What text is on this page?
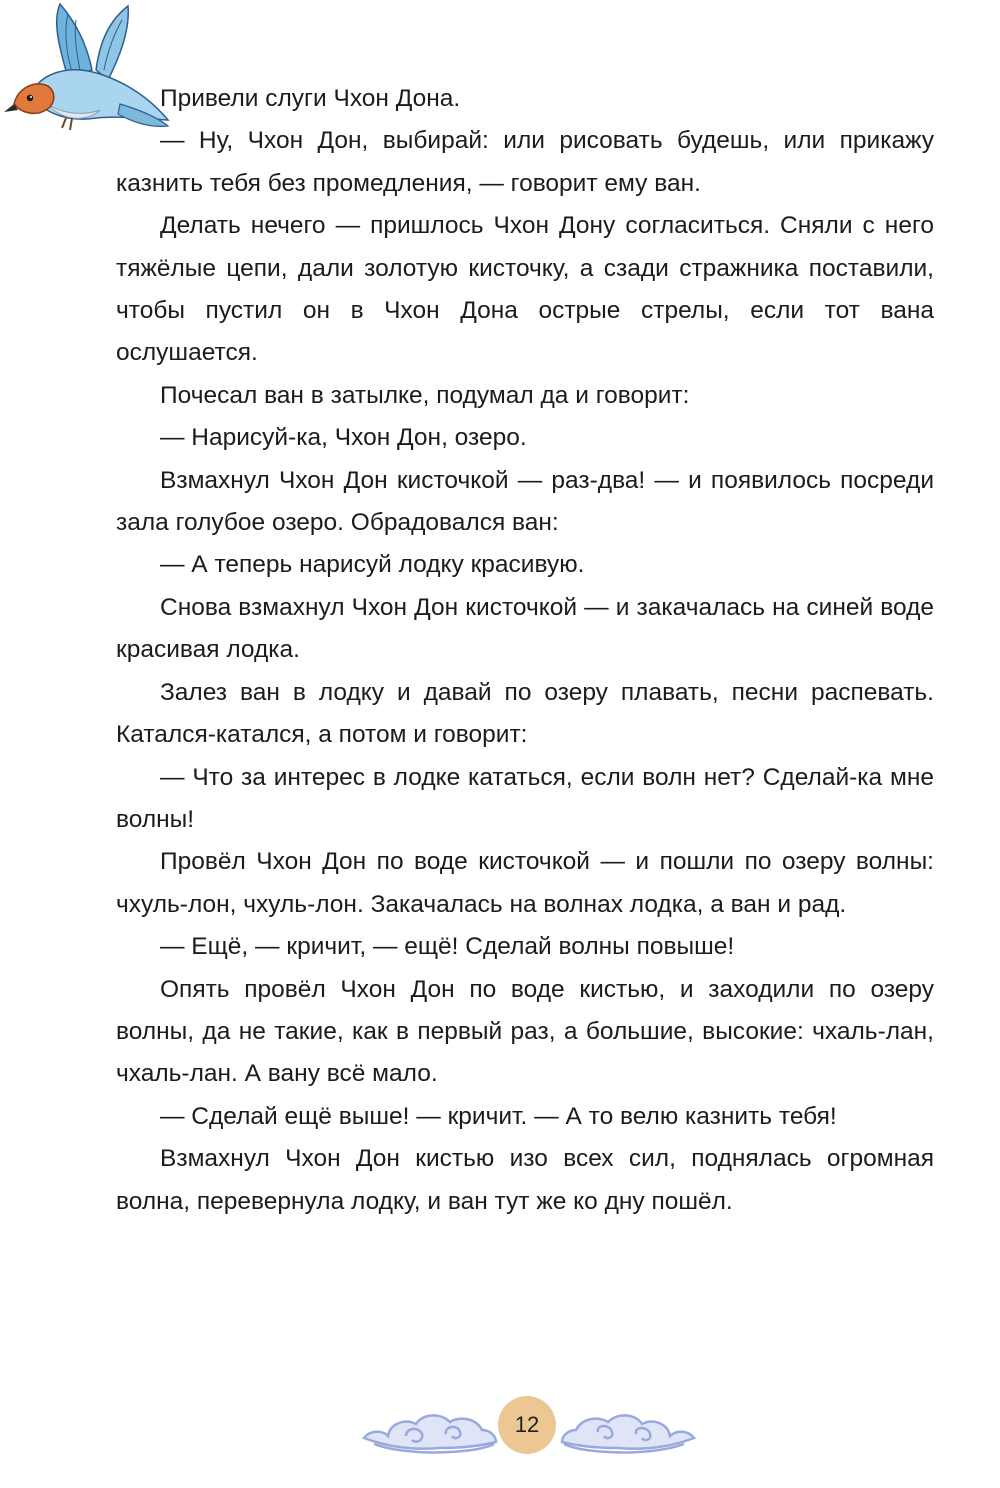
Привели слуги Чхон Дона.

— Ну, Чхон Дон, выбирай: или рисовать будешь, или прикажу казнить тебя без промедления, — говорит ему ван.

Делать нечего — пришлось Чхон Дону согласиться. Сняли с него тяжёлые цепи, дали золотую кисточку, а сзади стражника поставили, чтобы пустил он в Чхон Дона острые стрелы, если тот вана ослушается.

Почесал ван в затылке, подумал да и говорит:

— Нарисуй-ка, Чхон Дон, озеро.

Взмахнул Чхон Дон кисточкой — раз-два! — и появилось посреди зала голубое озеро. Обрадовался ван:

— А теперь нарисуй лодку красивую.

Снова взмахнул Чхон Дон кисточкой — и закачалась на синей воде красивая лодка.

Залез ван в лодку и давай по озеру плавать, песни распевать. Катался-катался, а потом и говорит:

— Что за интерес в лодке кататься, если волн нет? Сделай-ка мне волны!

Провёл Чхон Дон по воде кисточкой — и пошли по озеру волны: чхуль-лон, чхуль-лон. Закачалась на волнах лодка, а ван и рад.

— Ещё, — кричит, — ещё! Сделай волны повыше!

Опять провёл Чхон Дон по воде кистью, и заходили по озеру волны, да не такие, как в первый раз, а большие, высокие: чхаль-лан, чхаль-лан. А вану всё мало.

— Сделай ещё выше! — кричит. — А то велю казнить тебя!

Взмахнул Чхон Дон кистью изо всех сил, поднялась огромная волна, перевернула лодку, и ван тут же ко дну пошёл.

12
